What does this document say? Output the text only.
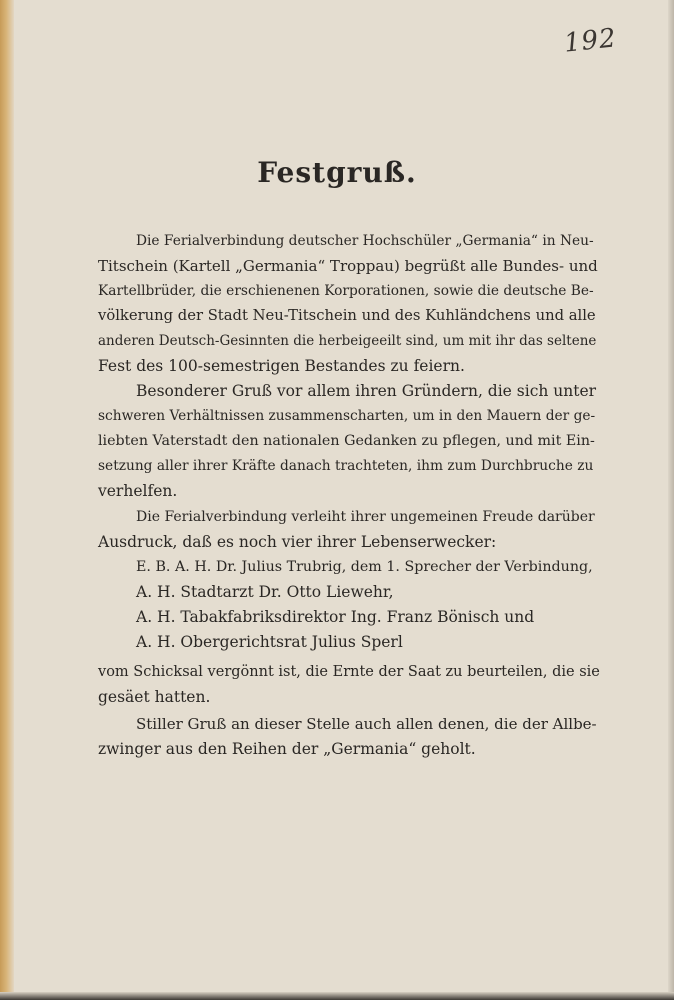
192
Festgruß.
Die Ferialverbindung deutscher Hochschüler „Germania“ in Neu-
Titschein (Kartell „Germania“ Troppau) begrüßt alle Bundes- und
Kartellbrüder, die erschienenen Korporationen, sowie die deutsche Be-
völkerung der Stadt Neu-Titschein und des Kuhländchens und alle
anderen Deutsch-Gesinnten die herbeigeeilt sind, um mit ihr das seltene
Fest des 100-semestrigen Bestandes zu feiern.
Besonderer Gruß vor allem ihren Gründern, die sich unter
schweren Verhältnissen zusammenscharten, um in den Mauern der ge-
liebten Vaterstadt den nationalen Gedanken zu pflegen, und mit Ein-
setzung aller ihrer Kräfte danach trachteten, ihm zum Durchbruche zu
verhelfen.
Die Ferialverbindung verleiht ihrer ungemeinen Freude darüber
Ausdruck, daß es noch vier ihrer Lebenserwecker:
E. B. A. H. Dr. Julius Trubrig, dem 1. Sprecher der Verbindung,
A. H. Stadtarzt Dr. Otto Liewehr,
A. H. Tabakfabriksdirektor Ing. Franz Bönisch und
A. H. Obergerichtsrat Julius Sperl
vom Schicksal vergönnt ist, die Ernte der Saat zu beurteilen, die sie
gesäet hatten.
Stiller Gruß an dieser Stelle auch allen denen, die der Allbe-
zwinger aus den Reihen der „Germania“ geholt.
